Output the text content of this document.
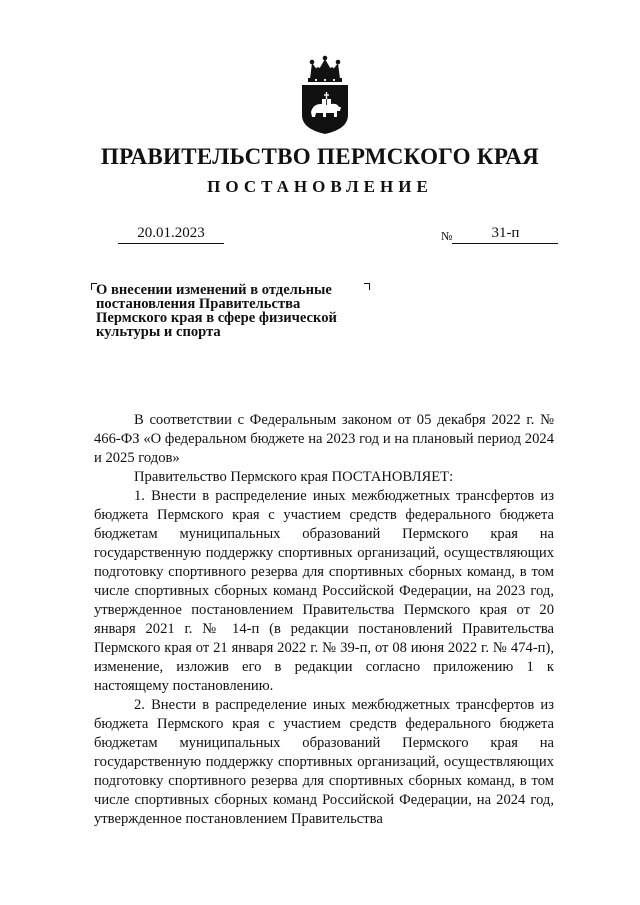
ПРАВИТЕЛЬСТВО ПЕРМСКОГО КРАЯ
ПОСТАНОВЛЕНИЕ
20.01.2023	№	31-п
О внесении изменений в отдельные
постановления Правительства
Пермского края в сфере физической
культуры и спорта

В соответствии с Федеральным законом от 05 декабря 2022 г. № 466-ФЗ «О федеральном бюджете на 2023 год и на плановый период 2024 и 2025 годов»

Правительство Пермского края ПОСТАНОВЛЯЕТ:

1. Внести в распределение иных межбюджетных трансфертов из бюджета Пермского края с участием средств федерального бюджета бюджетам муниципальных образований Пермского края на государственную поддержку спортивных организаций, осуществляющих подготовку спортивного резерва для спортивных сборных команд, в том числе спортивных сборных команд Российской Федерации, на 2023 год, утвержденное постановлением Правительства Пермского края от 20 января 2021 г. № 14-п (в редакции постановлений Правительства Пермского края от 21 января 2022 г. № 39-п, от 08 июня 2022 г. № 474-п), изменение, изложив его в редакции согласно приложению 1 к настоящему постановлению.

2. Внести в распределение иных межбюджетных трансфертов из бюджета Пермского края с участием средств федерального бюджета бюджетам муниципальных образований Пермского края на государственную поддержку спортивных организаций, осуществляющих подготовку спортивного резерва для спортивных сборных команд, в том числе спортивных сборных команд Российской Федерации, на 2024 год, утвержденное постановлением Правительства
